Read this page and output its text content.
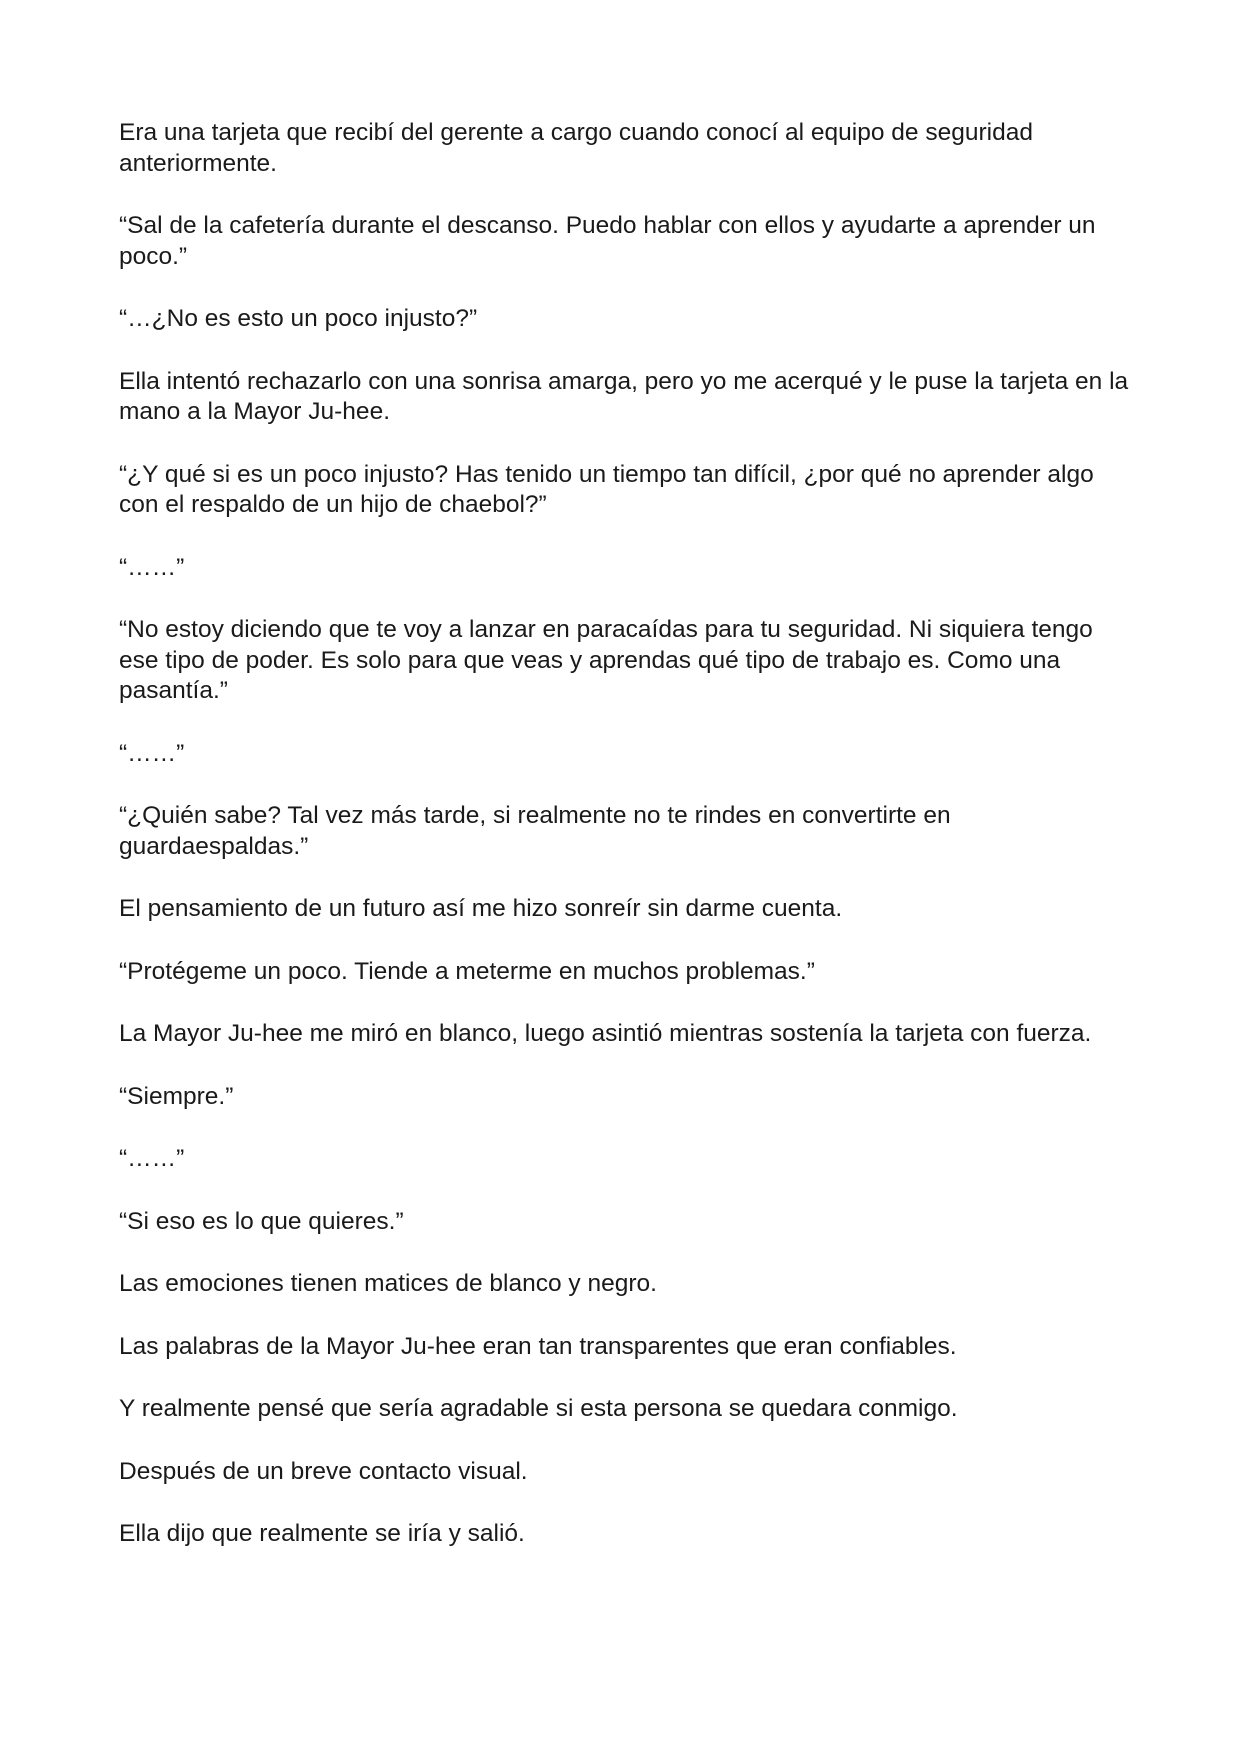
Era una tarjeta que recibí del gerente a cargo cuando conocí al equipo de seguridad anteriormente.

“Sal de la cafetería durante el descanso. Puedo hablar con ellos y ayudarte a aprender un poco.”

“…¿No es esto un poco injusto?”

Ella intentó rechazarlo con una sonrisa amarga, pero yo me acerqué y le puse la tarjeta en la mano a la Mayor Ju-hee.

“¿Y qué si es un poco injusto? Has tenido un tiempo tan difícil, ¿por qué no aprender algo con el respaldo de un hijo de chaebol?”

“……”

“No estoy diciendo que te voy a lanzar en paracaídas para tu seguridad. Ni siquiera tengo ese tipo de poder. Es solo para que veas y aprendas qué tipo de trabajo es. Como una pasantía.”

“……”

“¿Quién sabe? Tal vez más tarde, si realmente no te rindes en convertirte en guardaespaldas.”

El pensamiento de un futuro así me hizo sonreír sin darme cuenta.

“Protégeme un poco. Tiende a meterme en muchos problemas.”

La Mayor Ju-hee me miró en blanco, luego asintió mientras sostenía la tarjeta con fuerza.

“Siempre.”

“……”

“Si eso es lo que quieres.”

Las emociones tienen matices de blanco y negro.

Las palabras de la Mayor Ju-hee eran tan transparentes que eran confiables.

Y realmente pensé que sería agradable si esta persona se quedara conmigo.

Después de un breve contacto visual.

Ella dijo que realmente se iría y salió.
